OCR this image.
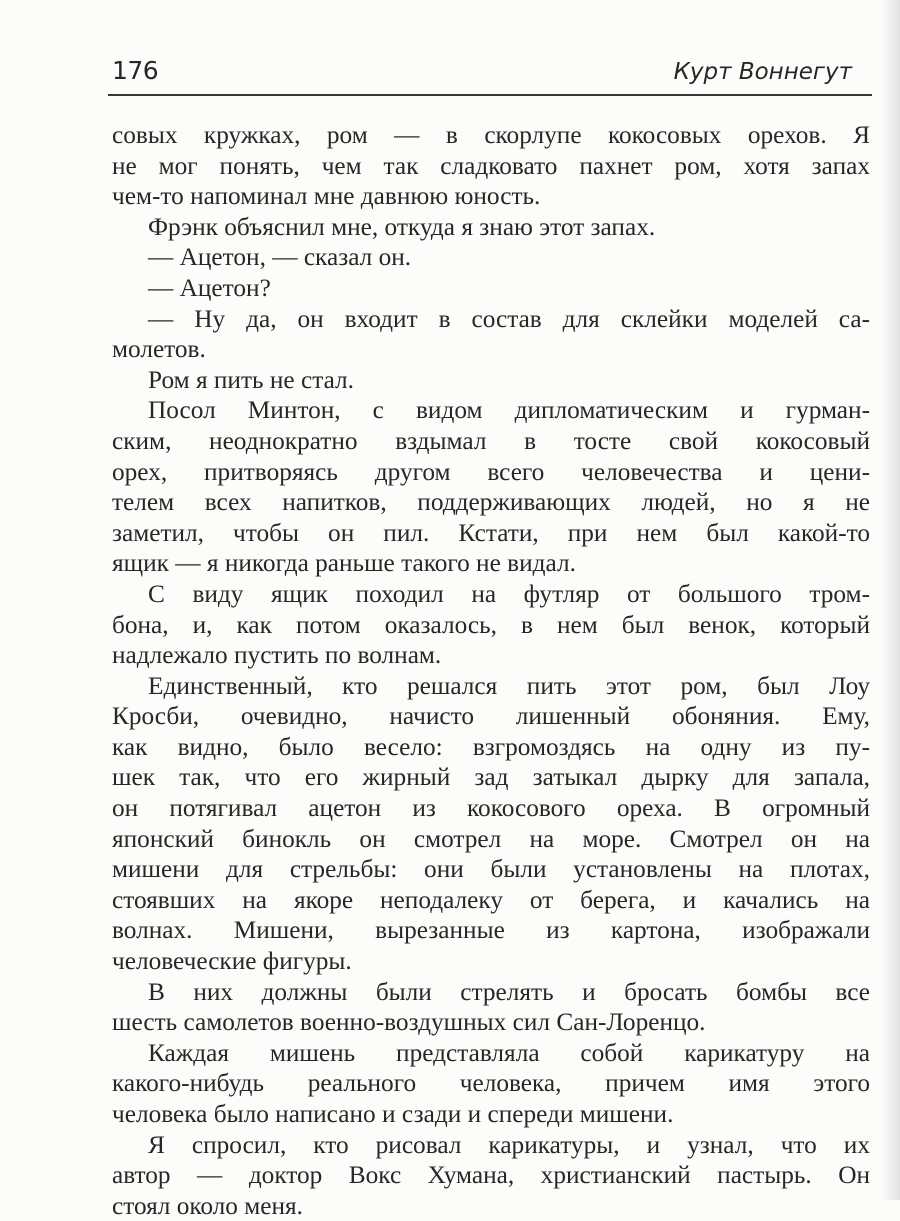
176	Курт Воннегут
совых кружках, ром — в скорлупе кокосовых орехов. Я
не мог понять, чем так сладковато пахнет ром, хотя запах
чем-то напоминал мне давнюю юность.
Фрэнк объяснил мне, откуда я знаю этот запах.
— Ацетон, — сказал он.
— Ацетон?
— Ну да, он входит в состав для склейки моделей са-
молетов.
Ром я пить не стал.
Посол Минтон, с видом дипломатическим и гурман-
ским, неоднократно вздымал в тосте свой кокосовый
орех, притворяясь другом всего человечества и цени-
телем всех напитков, поддерживающих людей, но я не
заметил, чтобы он пил. Кстати, при нем был какой-то
ящик — я никогда раньше такого не видал.
С виду ящик походил на футляр от большого тром-
бона, и, как потом оказалось, в нем был венок, который
надлежало пустить по волнам.
Единственный, кто решался пить этот ром, был Лоу
Кросби, очевидно, начисто лишенный обоняния. Ему,
как видно, было весело: взгромоздясь на одну из пу-
шек так, что его жирный зад затыкал дырку для запала,
он потягивал ацетон из кокосового ореха. В огромный
японский бинокль он смотрел на море. Смотрел он на
мишени для стрельбы: они были установлены на плотах,
стоявших на якоре неподалеку от берега, и качались на
волнах. Мишени, вырезанные из картона, изображали
человеческие фигуры.
В них должны были стрелять и бросать бомбы все
шесть самолетов военно-воздушных сил Сан-Лоренцо.
Каждая мишень представляла собой карикатуру на
какого-нибудь реального человека, причем имя этого
человека было написано и сзади и спереди мишени.
Я спросил, кто рисовал карикатуры, и узнал, что их
автор — доктор Вокс Хумана, христианский пастырь. Он
стоял около меня.
